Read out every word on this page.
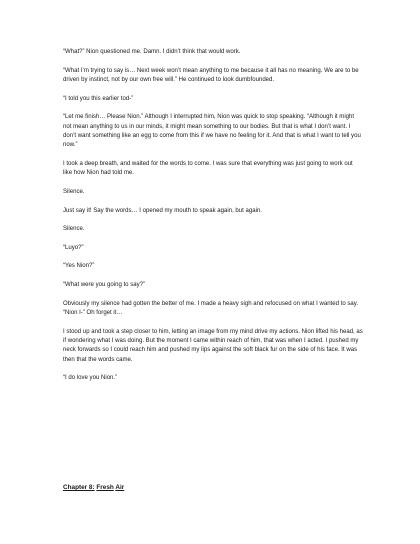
“What?” Nion questioned me. Damn. I didn’t think that would work.

“What I’m trying to say is… Next week won’t mean anything to me because it all has no meaning. We are to be driven by instinct, not by our own free will.” He continued to look dumbfounded.

“I told you this earlier tod-”

“Let me finish… Please Nion.” Although I interrupted him, Nion was quick to stop speaking. “Although it might not mean anything to us in our minds, it might mean something to our bodies. But that is what I don’t want. I don’t want something like an egg to come from this if we have no feeling for it. And that is what I want to tell you now.”

I took a deep breath, and waited for the words to come. I was sure that everything was just going to work out like how Nion had told me.

Silence.

Just say it! Say the words… I opened my mouth to speak again, but again.

Silence.

“Luyo?”

“Yes Nion?”

“What were you going to say?”

Obviously my silence had gotten the better of me. I made a heavy sigh and refocused on what I wanted to say. “Nion I-” Oh forget it…

I stood up and took a step closer to him, letting an image from my mind drive my actions. Nion lifted his head, as if wondering what I was doing. But the moment I came within reach of him, that was when I acted. I pushed my neck forwards so I could reach him and pushed my lips against the soft black fur on the side of his face. It was then that the words came.

“I do love you Nion.”

Chapter 8: Fresh Air
